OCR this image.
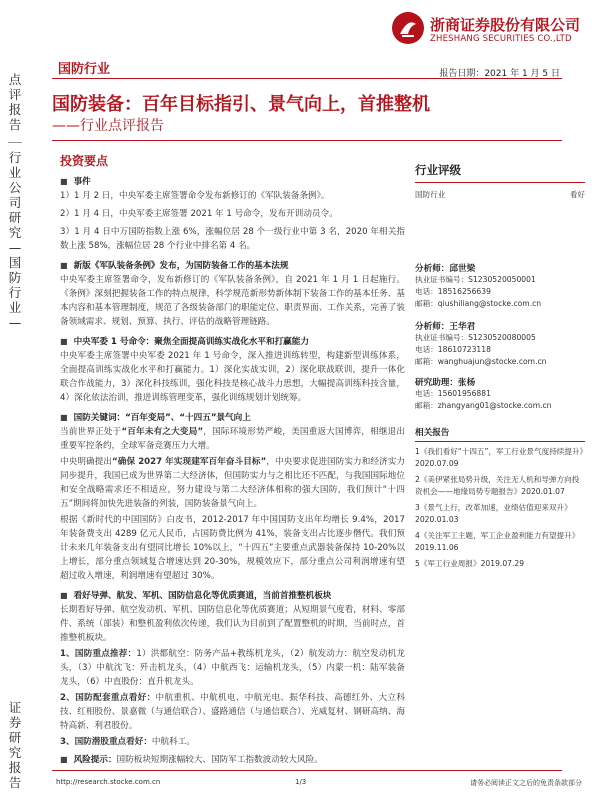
浙商证券股份有限公司
ZHESHANG SECURITIES CO.,LTD
点评报告
行业公司研究—国防行业—
证券研究报告
国防行业	报告日期：2021 年 1 月 5 日
国防装备：百年目标指引、景气向上，首推整机
——行业点评报告
投资要点
■ 事件
1）1 月 2 日，中央军委主席签署命令发布新修订的《军队装备条例》。
2）1 月 4 日，中央军委主席签署 2021 年 1 号命令，发布开训动员令。
3）1 月 4 日中万国防指数上涨 6%，涨幅位居 28 个一级行业中第 3 名，2020 年相关指数上涨 58%，涨幅位居 28 个行业中排名第 4 名。
■ 新版《军队装备条例》发布，为国防装备工作的基本法规
中央军委主席签署命令，发布新修订的《军队装备条例》，自 2021 年 1 月 1 日起施行。《条例》深刻把握装备工作的特点规律，科学规范新形势新体制下装备工作的基本任务、基本内容和基本管理制度，规范了各级装备部门的职能定位、职责界面、工作关系，完善了装备领域需求、规划、预算、执行、评估的战略管理链路。
■ 中央军委 1 号命令：聚焦全面提高训练实战化水平和打赢能力
中央军委主席签署中央军委 2021 年 1 号命令，深入推进训练转型，构建新型训练体系，全面提高训练实战化水平和打赢能力。1）深化实战实训，2）深化联战联训，提升一体化联合作战能力，3）深化科技练训，强化科技是核心战斗力思想，大幅提高训练科技含量，4）深化依法治训，推进训练管理变革，强化训练规划计划统筹。
■ 国防关键词：“百年变局”、“十四五”景气向上
当前世界正处于“百年未有之大变局”，国际环境形势严峻，美国重返大国博弈，相继退出重要军控条约，全球军备竞赛压力大增。
中央明确提出“确保 2027 年实现建军百年奋斗目标”，中央要求促进国防实力和经济实力同步提升，我国已成为世界第二大经济体，但国防实力与之相比还不匹配，与我国国际地位和安全战略需求还不相适应，努力建设与第二大经济体相称的强大国防，我们预计“十四五”期间将加快先进装备的列装，国防装备景气向上。
根据《新时代的中国国防》白皮书，2012-2017 年中国国防支出年均增长 9.4%，2017 年装备费支出 4289 亿元人民币，占国防费比例为 41%，装备支出占比逐步僭代。我们预计未来几年装备支出有望同比增长 10%以上，“十四五”主要重点武器装备保持 10-20%以上增长，部分重点领域复合增速达到 20-30%，规模效应下，部分重点公司利润增速有望超过收入增速，利润增速有望超过 30%。
■ 看好导弹、航发、军机、国防信息化等优质赛道，当前首推整机板块
长期看好导弹、航空发动机、军机、国防信息化等优质赛道；从短期景气度看，材料、零部件、系统（部装）和整机盈利依次传递，我们认为目前到了配置整机的时期，当前时点，首推整机板块。
1、国防重点推荐：1）洪都航空：防务产品+教练机龙头，（2）航发动力：航空发动机龙头，（3）中航沈飞：歼击机龙头，（4）中航西飞：运输机龙头，（5）内蒙一机：陆军装备龙头，（6）中直股份：直升机龙头。
2、国防配套重点看好：中航重机、中航机电、中航光电、振华科技、高德红外、大立科技、红相股份、景嘉微（与通信联合）、盛路通信（与通信联合）、光威复材、钢研高纳、海特高新、利君股份。
3、国防潜股重点看好：中航科工。
■ 风险提示：国防板块短期涨幅较大、国防军工指数波动较大风险。
行业评级
国防行业	看好
分析师：邱世梁
执业证书编号：S1230520050001
电话：18516256639
邮箱：qiushiliang@stocke.com.cn
分析师：王华君
执业证书编号：S1230520080005
电话：18610723118
邮箱：wanghuajun@stocke.com.cn
研究助理：张杨
电话：15601956881
邮箱：zhangyang01@stocke.com.cn
相关报告
1《我们看好“十四五”，军工行业景气度持续提升》2020.07.09
2《美伊紧张局势升级，关注无人机和导弹方向投资机会——地缘局势专题报告》2020.01.07
3《景气上行，改革加速，业绩估值迎来双升》2020.01.03
4《关注军工主题，军工企业盈利能力有望提升》2019.11.06
5《军工行业周报》2019.07.29
http://research.stocke.com.cn	1/3	请务必阅读正文之后的免责条款部分
